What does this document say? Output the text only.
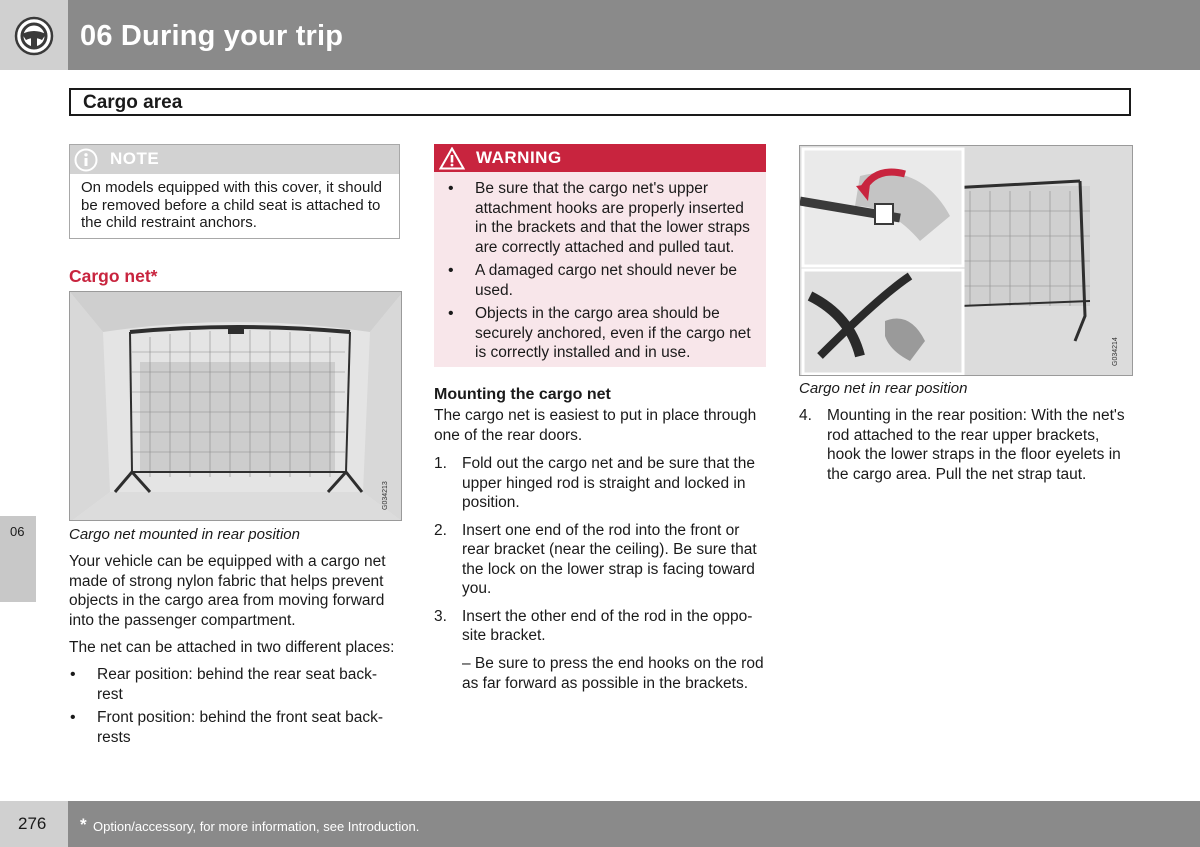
06 During your trip
Cargo area
06
NOTE
On models equipped with this cover, it should be removed before a child seat is attached to the child restraint anchors.
Cargo net*
G034213
Cargo net mounted in rear position
Your vehicle can be equipped with a cargo net made of strong nylon fabric that helps prevent objects in the cargo area from moving forward into the passenger compartment.
The net can be attached in two different places:
• Rear position: behind the rear seat back-rest
• Front position: behind the front seat back-rests
WARNING
• Be sure that the cargo net's upper attachment hooks are properly inserted in the brackets and that the lower straps are correctly attached and pulled taut.
• A damaged cargo net should never be used.
• Objects in the cargo area should be securely anchored, even if the cargo net is correctly installed and in use.
Mounting the cargo net
The cargo net is easiest to put in place through one of the rear doors.
1. Fold out the cargo net and be sure that the upper hinged rod is straight and locked in position.
2. Insert one end of the rod into the front or rear bracket (near the ceiling). Be sure that the lock on the lower strap is facing toward you.
3. Insert the other end of the rod in the oppo-site bracket.
– Be sure to press the end hooks on the rod as far forward as possible in the brackets.
G034214
Cargo net in rear position
4. Mounting in the rear position: With the net's rod attached to the rear upper brackets, hook the lower straps in the floor eyelets in the cargo area. Pull the net strap taut.
276 * Option/accessory, for more information, see Introduction.
